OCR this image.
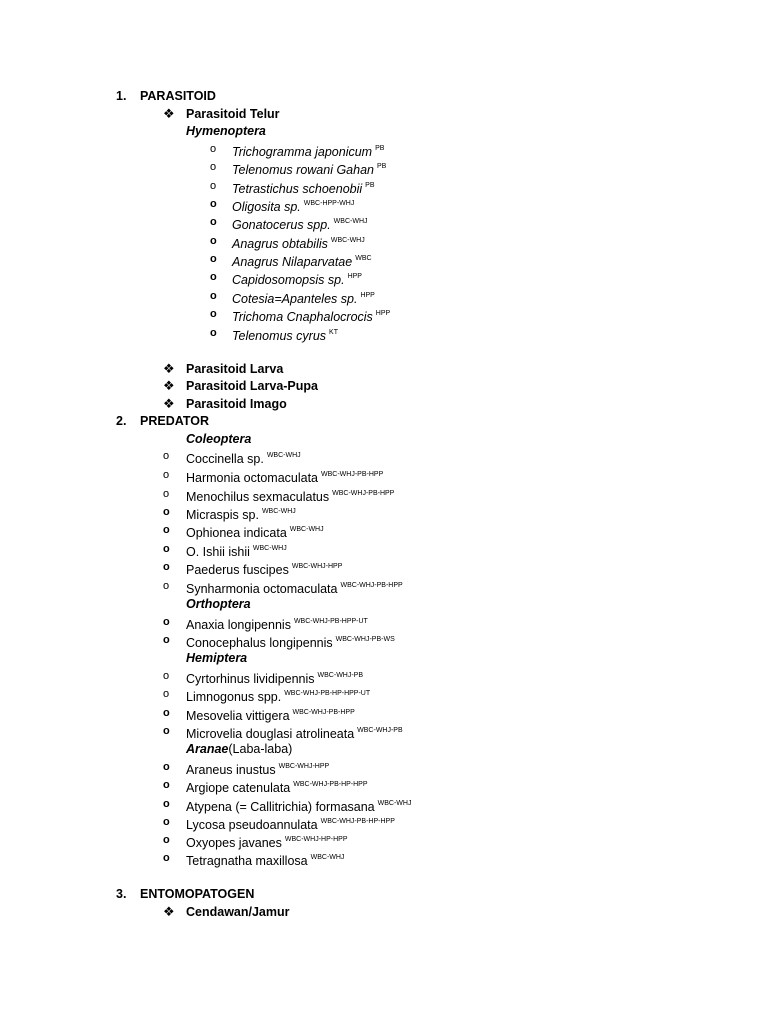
1. PARASITOID
❖ Parasitoid Telur
Hymenoptera
o Trichogramma japonicum $^{PB}$
o Telenomus rowani Gahan $^{PB}$
o Tetrastichus schoenobii $^{PB}$
o Oligosita sp. $^{WBC-HPP-WHJ}$
o Gonatocerus spp. $^{WBC-WHJ}$
o Anagrus obtabilis $^{WBC-WHJ}$
o Anagrus Nilaparvatae $^{WBC}$
o Capidosomopsis sp. $^{HPP}$
o Cotesia=Apanteles sp. $^{HPP}$
o Trichoma Cnaphalocrocis $^{HPP}$
o Telenomus cyrus $^{KT}$
❖ Parasitoid Larva
❖ Parasitoid Larva-Pupa
❖ Parasitoid Imago
2. PREDATOR
Coleoptera
o Coccinella sp. $^{WBC-WHJ}$
o Harmonia octomaculata $^{WBC-WHJ-PB-HPP}$
o Menochilus sexmaculatus $^{WBC-WHJ-PB-HPP}$
o Micraspis sp. $^{WBC-WHJ}$
o Ophionea indicata $^{WBC-WHJ}$
o O. Ishii ishii $^{WBC-WHJ}$
o Paederus fuscipes $^{WBC-WHJ-HPP}$
o Synharmonia octomaculata $^{WBC-WHJ-PB-HPP}$
Orthoptera
o Anaxia longipennis $^{WBC-WHJ-PB-HPP-UT}$
o Conocephalus longipennis $^{WBC-WHJ-PB-WS}$
Hemiptera
o Cyrtorhinus lividipennis $^{WBC-WHJ-PB}$
o Limnogonus spp. $^{WBC-WHJ-PB-HP-HPP-UT}$
o Mesovelia vittigera $^{WBC-WHJ-PB-HPP}$
o Microvelia douglasi atrolineata $^{WBC-WHJ-PB}$
Aranae(Laba-laba)
o Araneus inustus $^{WBC-WHJ-HPP}$
o Argiope catenulata $^{WBC-WHJ-PB-HP-HPP}$
o Atypena (= Callitrichia) formasana $^{WBC-WHJ}$
o Lycosa pseudoannulata $^{WBC-WHJ-PB-HP-HPP}$
o Oxyopes javanes $^{WBC-WHJ-HP-HPP}$
o Tetragnatha maxillosa $^{WBC-WHJ}$
3. ENTOMOPATOGEN
❖ Cendawan/Jamur
